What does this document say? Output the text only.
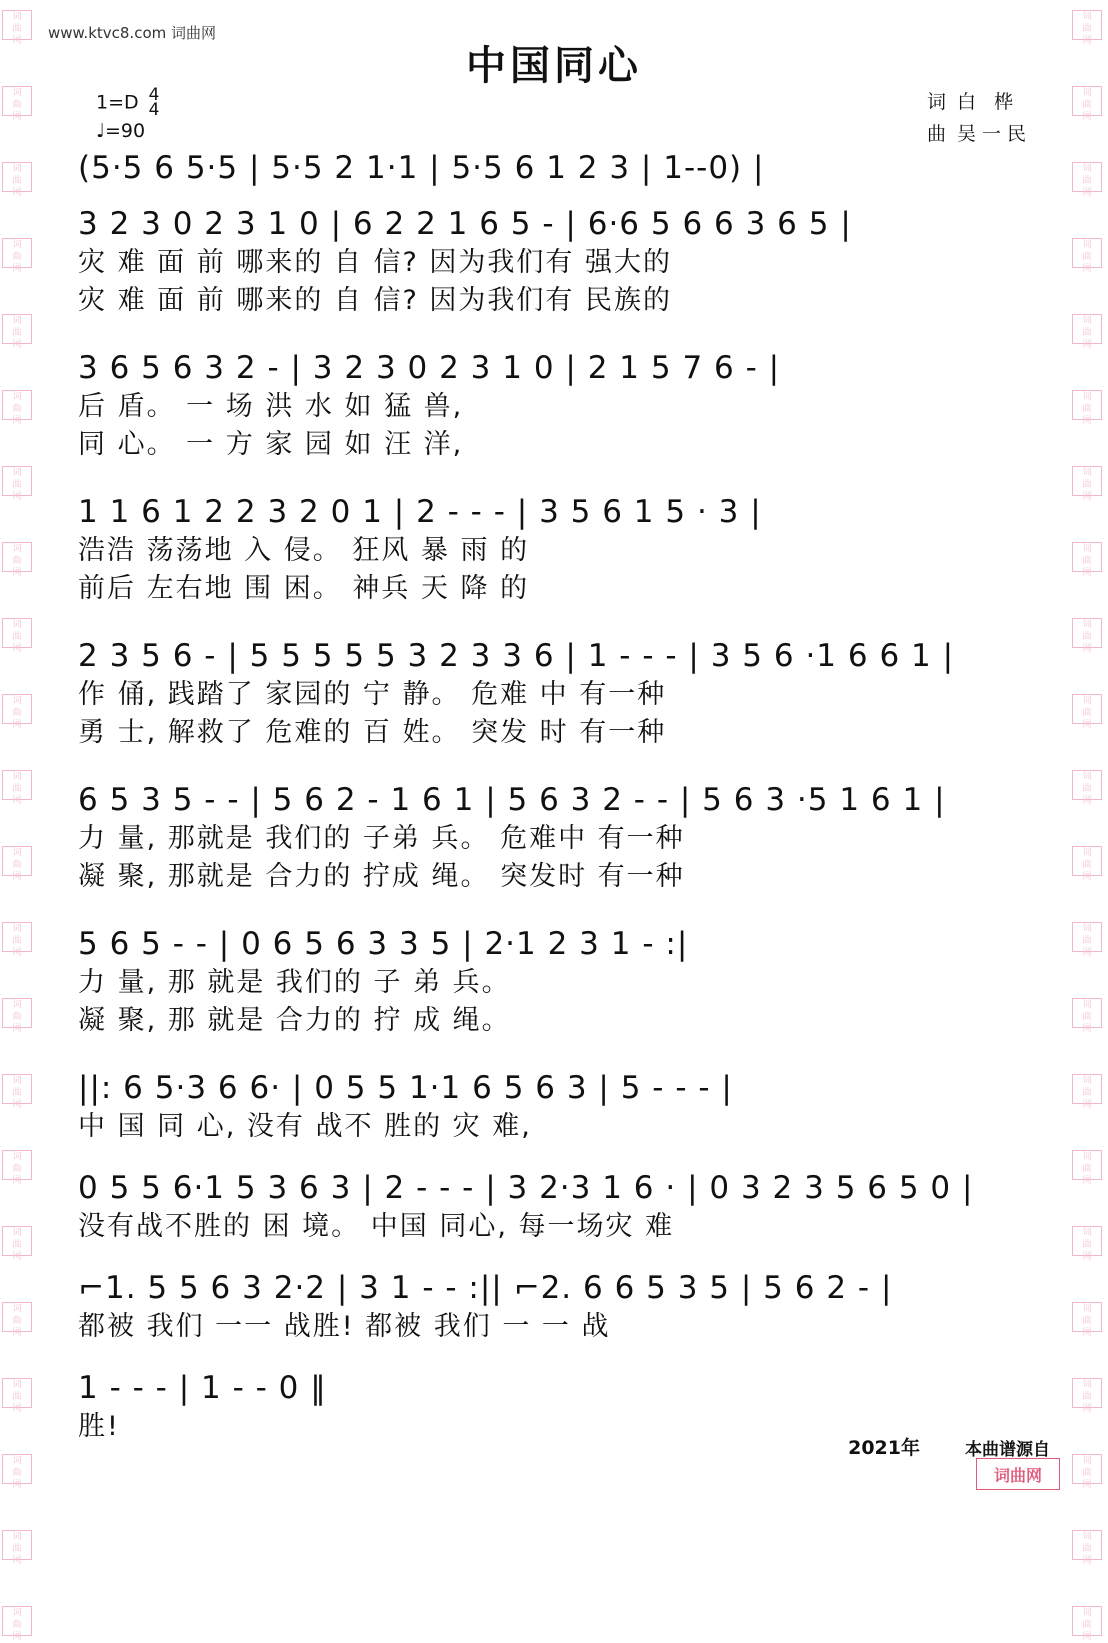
词
曲
网
词
曲
网
词
曲
网
词
曲
网
词
曲
网
词
曲
网
词
曲
网
词
曲
网
词
曲
网
词
曲
网
词
曲
网
词
曲
网
词
曲
网
词
曲
网
词
曲
网
词
曲
网
词
曲
网
词
曲
网
词
曲
网
词
曲
网
词
曲
网
词
曲
网
词
曲
网
词
曲
网
词
曲
网
词
曲
网
词
曲
网
词
曲
网
词
曲
网
词
曲
网
词
曲
网
词
曲
网
词
曲
网
词
曲
网
词
曲
网
词
曲
网
词
曲
网
词
曲
网
词
曲
网
词
曲
网
词
曲
网
词
曲
网
词
曲
网
词
曲
网
www.ktvc8.com 词曲网
中国同心
1=D 4
4
♩=90
词 白 桦
曲 吴一民
(5·5 6 5·5 | 5·5 2 1·1 | 5·5 6 1 2 3 | 1--0) |
3 2 3 0 2 3 1 0 | 6 2 2 1 6 5 - | 6·6 5 6 6 3 6 5 |
灾 难 面 前 哪来的 自 信? 因为我们有 强大的
灾 难 面 前 哪来的 自 信? 因为我们有 民族的
3 6 5 6 3 2 - | 3 2 3 0 2 3 1 0 | 2 1 5 7 6 - |
后 盾。 一 场 洪 水 如 猛 兽,
同 心。 一 方 家 园 如 汪 洋,
1 1 6 1 2 2 3 2 0 1 | 2 - - - | 3 5 6 1 5 · 3 |
浩浩 荡荡地 入 侵。 狂风 暴 雨 的
前后 左右地 围 困。 神兵 天 降 的
2 3 5 6 - | 5 5 5 5 5 3 2 3 3 6 | 1 - - - | 3 5 6 ·1 6 6 1 |
作 俑, 践踏了 家园的 宁 静。 危难 中 有一种
勇 士, 解救了 危难的 百 姓。 突发 时 有一种
6 5 3 5 - - | 5 6 2 - 1 6 1 | 5 6 3 2 - - | 5 6 3 ·5 1 6 1 |
力 量, 那就是 我们的 子弟 兵。 危难中 有一种
凝 聚, 那就是 合力的 拧成 绳。 突发时 有一种
5 6 5 - - | 0 6 5 6 3 3 5 | 2·1 2 3 1 - :|
力 量, 那 就是 我们的 子 弟 兵。
凝 聚, 那 就是 合力的 拧 成 绳。
||: 6 5·3 6 6· | 0 5 5 1·1 6 5 6 3 | 5 - - - |
中 国 同 心, 没有 战不 胜的 灾 难,
0 5 5 6·1 5 3 6 3 | 2 - - - | 3 2·3 1 6 · | 0 3 2 3 5 6 5 0 |
没有战不胜的 困 境。 中国 同心, 每一场灾 难
⌐1. 5 5 6 3 2·2 | 3 1 - - :|| ⌐2. 6 6 5 3 5 | 5 6 2 - |
都被 我们 一一 战胜! 都被 我们 一 一 战
1 - - - | 1 - - 0 ‖
胜!
2021年	本曲谱源自
词曲网
